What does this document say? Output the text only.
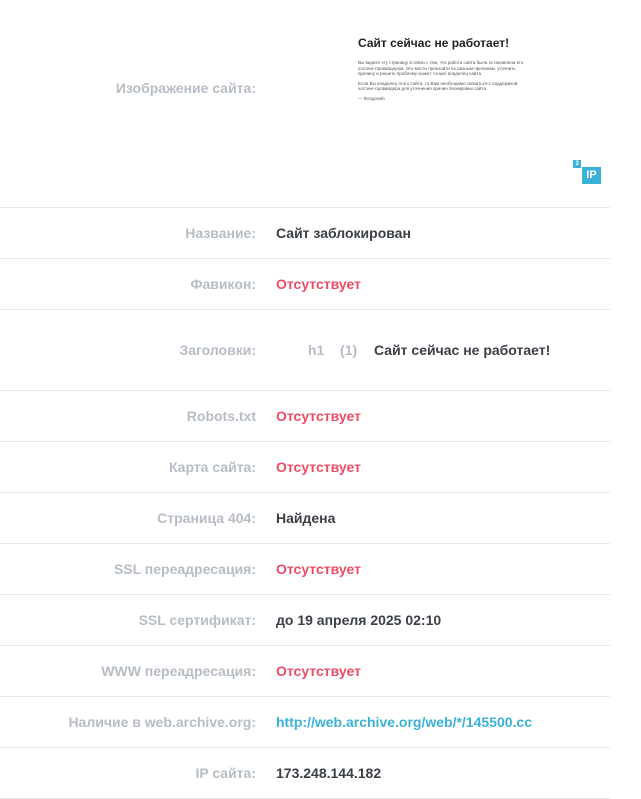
Изображение сайта:
Название: Сайт заблокирован
Фавикон: Отсутствует
Заголовки:	h1	(1)	Сайт сейчас не работает!
Robots.txt Отсутствует
Карта сайта: Отсутствует
Страница 404: Найдена
SSL переадресация: Отсутствует
SSL сертификат: до 19 апреля 2025 02:10
WWW переадресация: Отсутствует
Наличие в web.archive.org: http://web.archive.org/web/*/145500.cc
IP сайта: 173.248.144.182
Сайт сейчас не работает!
Вы видите эту страницу в связи с тем, что работа сайта была остановлена его хостинг-провайдером. Это могло произойти по разным причинам, уточнить причину и решить проблему может только владелец сайта.
Если Вы владелец этого сайта, то Вам необходимо связаться с поддержкой хостинг-провайдера для уточнения причин блокировки сайта.
— Ihrogoweb
3
IP
